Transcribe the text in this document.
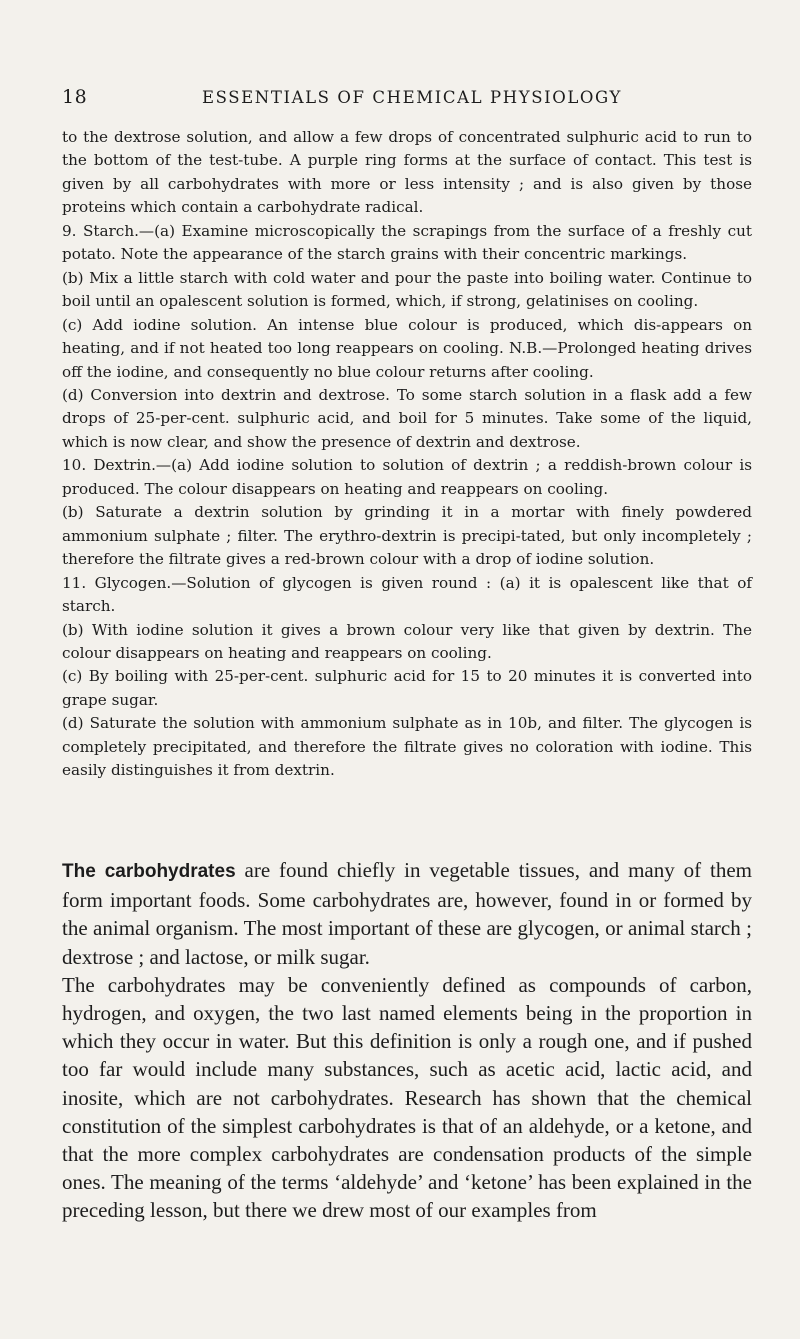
18	ESSENTIALS OF CHEMICAL PHYSIOLOGY

to the dextrose solution, and allow a few drops of concentrated sulphuric acid to run to the bottom of the test-tube. A purple ring forms at the surface of contact. This test is given by all carbohydrates with more or less intensity ; and is also given by those proteins which contain a carbohydrate radical.

9. Starch.—(a) Examine microscopically the scrapings from the surface of a freshly cut potato. Note the appearance of the starch grains with their concentric markings.

(b) Mix a little starch with cold water and pour the paste into boiling water. Continue to boil until an opalescent solution is formed, which, if strong, gelatinises on cooling.

(c) Add iodine solution. An intense blue colour is produced, which dis-appears on heating, and if not heated too long reappears on cooling. N.B.—Prolonged heating drives off the iodine, and consequently no blue colour returns after cooling.

(d) Conversion into dextrin and dextrose. To some starch solution in a flask add a few drops of 25-per-cent. sulphuric acid, and boil for 5 minutes. Take some of the liquid, which is now clear, and show the presence of dextrin and dextrose.

10. Dextrin.—(a) Add iodine solution to solution of dextrin ; a reddish-brown colour is produced. The colour disappears on heating and reappears on cooling.

(b) Saturate a dextrin solution by grinding it in a mortar with finely powdered ammonium sulphate ; filter. The erythro-dextrin is precipi-tated, but only incompletely ; therefore the filtrate gives a red-brown colour with a drop of iodine solution.

11. Glycogen.—Solution of glycogen is given round : (a) it is opalescent like that of starch.

(b) With iodine solution it gives a brown colour very like that given by dextrin. The colour disappears on heating and reappears on cooling.

(c) By boiling with 25-per-cent. sulphuric acid for 15 to 20 minutes it is converted into grape sugar.

(d) Saturate the solution with ammonium sulphate as in 10b, and filter. The glycogen is completely precipitated, and therefore the filtrate gives no coloration with iodine. This easily distinguishes it from dextrin.

The carbohydrates are found chiefly in vegetable tissues, and many of them form important foods. Some carbohydrates are, however, found in or formed by the animal organism. The most important of these are glycogen, or animal starch ; dextrose ; and lactose, or milk sugar.

The carbohydrates may be conveniently defined as compounds of carbon, hydrogen, and oxygen, the two last named elements being in the proportion in which they occur in water. But this definition is only a rough one, and if pushed too far would include many substances, such as acetic acid, lactic acid, and inosite, which are not carbohydrates. Research has shown that the chemical constitution of the simplest carbohydrates is that of an aldehyde, or a ketone, and that the more complex carbohydrates are condensation products of the simple ones. The meaning of the terms ‘aldehyde’ and ‘ketone’ has been explained in the preceding lesson, but there we drew most of our examples from
